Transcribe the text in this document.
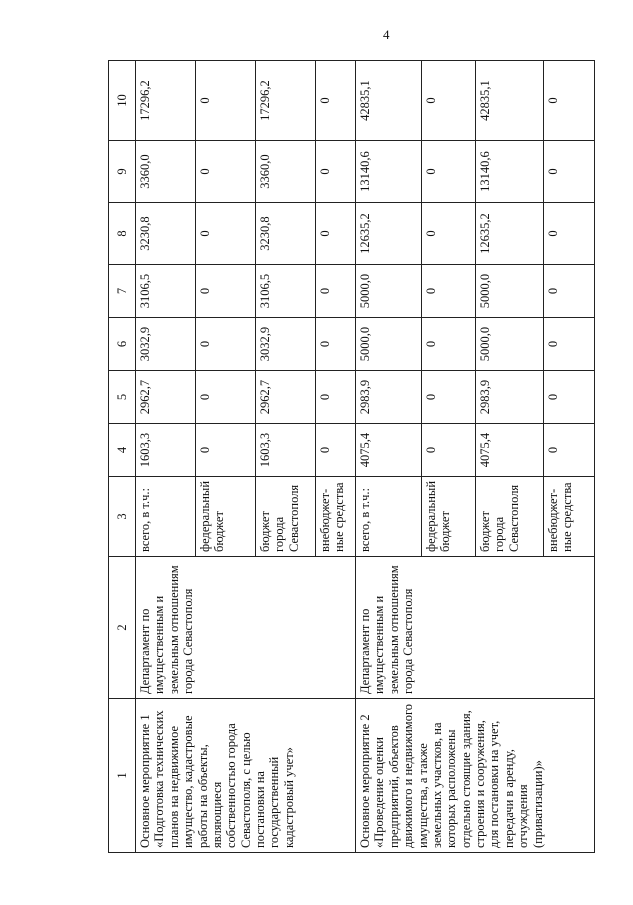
4
1	2	3	4	5	6	7	8	9	10
Основное мероприятие 1 «Подготовка технических планов на недвижимое имущество, кадастровые работы на объекты, являющиеся собственностью города Севастополя, с целью постановки на государственный кадастровый учет»	Департамент по имущественным и земельным отношениям города Севастополя	всего, в т.ч.:	1603,3	2962,7	3032,9	3106,5	3230,8	3360,0	17296,2
		федеральный бюджет	0	0	0	0	0	0	0
		бюджет города Севастополя	1603,3	2962,7	3032,9	3106,5	3230,8	3360,0	17296,2
		внебюджет-ные средства	0	0	0	0	0	0	0
Основное мероприятие 2 «Проведение оценки предприятий, объектов движимого и недвижимого имущества, а также земельных участков, на которых расположены отдельно стоящие здания, строения и сооружения, для постановки на учет, передачи в аренду, отчуждения (приватизации)»	Департамент по имущественным и земельным отношениям города Севастополя	всего, в т.ч.:	4075,4	2983,9	5000,0	5000,0	12635,2	13140,6	42835,1
		федеральный бюджет	0	0	0	0	0	0	0
		бюджет города Севастополя	4075,4	2983,9	5000,0	5000,0	12635,2	13140,6	42835,1
		внебюджет-ные средства	0	0	0	0	0	0	0
